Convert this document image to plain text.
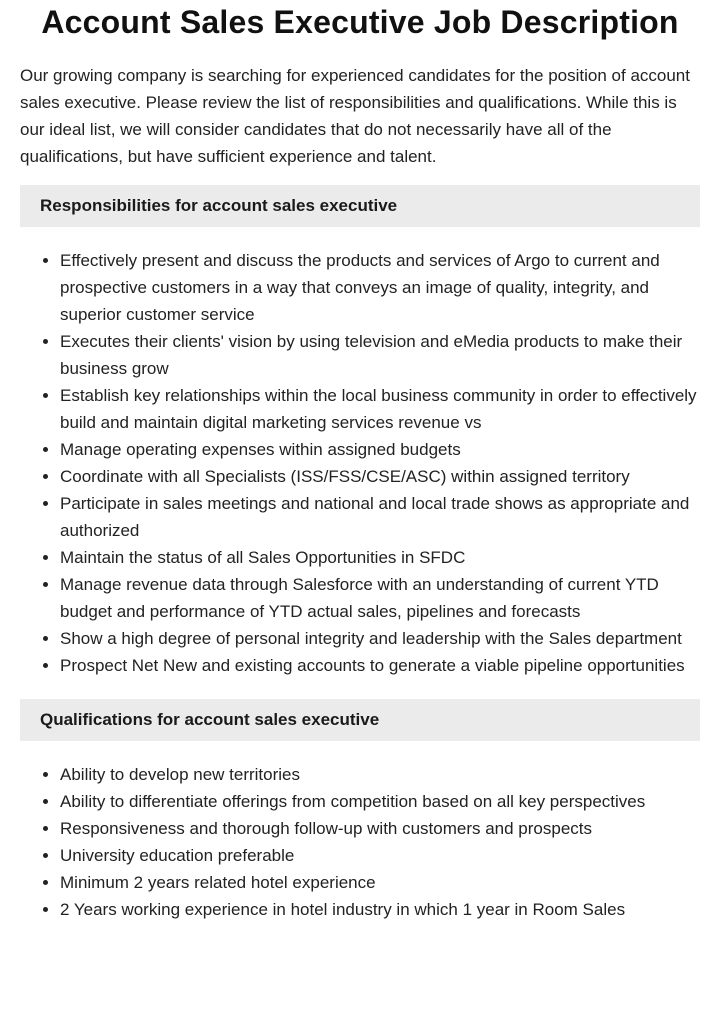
Account Sales Executive Job Description

Our growing company is searching for experienced candidates for the position of account sales executive. Please review the list of responsibilities and qualifications. While this is our ideal list, we will consider candidates that do not necessarily have all of the qualifications, but have sufficient experience and talent.

Responsibilities for account sales executive
• Effectively present and discuss the products and services of Argo to current and prospective customers in a way that conveys an image of quality, integrity, and superior customer service
• Executes their clients' vision by using television and eMedia products to make their business grow
• Establish key relationships within the local business community in order to effectively build and maintain digital marketing services revenue vs
• Manage operating expenses within assigned budgets
• Coordinate with all Specialists (ISS/FSS/CSE/ASC) within assigned territory
• Participate in sales meetings and national and local trade shows as appropriate and authorized
• Maintain the status of all Sales Opportunities in SFDC
• Manage revenue data through Salesforce with an understanding of current YTD budget and performance of YTD actual sales, pipelines and forecasts
• Show a high degree of personal integrity and leadership with the Sales department
• Prospect Net New and existing accounts to generate a viable pipeline opportunities
Qualifications for account sales executive
• Ability to develop new territories
• Ability to differentiate offerings from competition based on all key perspectives
• Responsiveness and thorough follow-up with customers and prospects
• University education preferable
• Minimum 2 years related hotel experience
• 2 Years working experience in hotel industry in which 1 year in Room Sales
